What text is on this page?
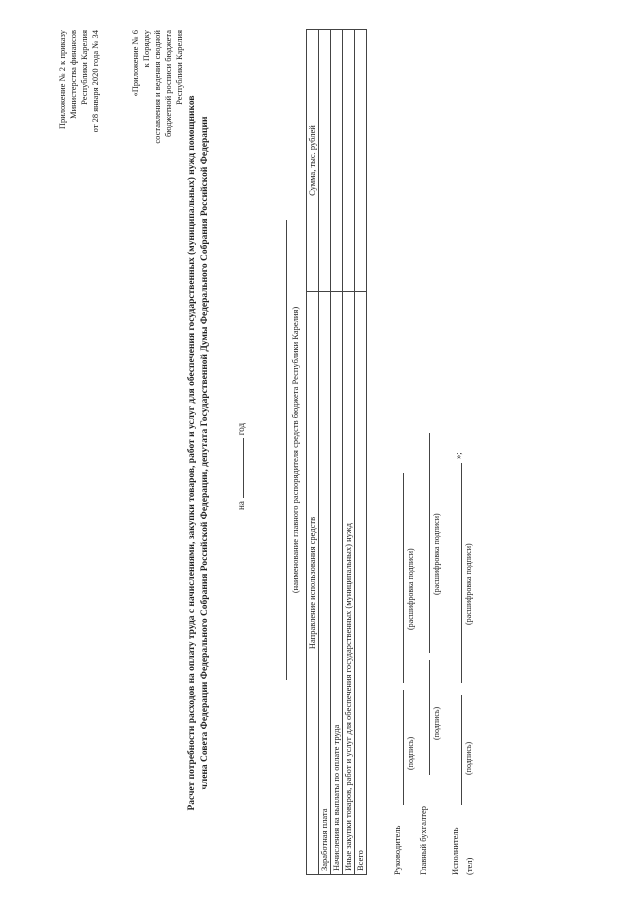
Приложение № 2 к приказу Министерства финансов Республики Карелия от 28 января 2020 года № 34	«Приложение № 6 к Порядку составления и ведения сводной бюджетной росписи бюджета Республики Карелия
Расчет потребности расходов на оплату труда с начислениями, закупки товаров, работ и услуг для обеспечения государственных (муниципальных) нужд помощников члена Совета Федерации Федерального Собрания Российской Федерации, депутата Государственной Думы Федерального Собрания Российской Федерации	нагод	(наименование главного распорядителя средств бюджета Республики Карелия) Направление использования средств	Сумма, тыс. рублей
Заработная плата	
Начисления на выплаты по оплате труда	
Иные закупки товаров, работ и услуг для обеспечения государственных (муниципальных) нужд	
Всего		Руководитель
(подпись)
(расшифровка подписи)
Главный бухгалтер
(подпись)
(расшифровка подписи)
Исполнитель
»;
(тел)
(подпись)
(расшифровка подписи)
